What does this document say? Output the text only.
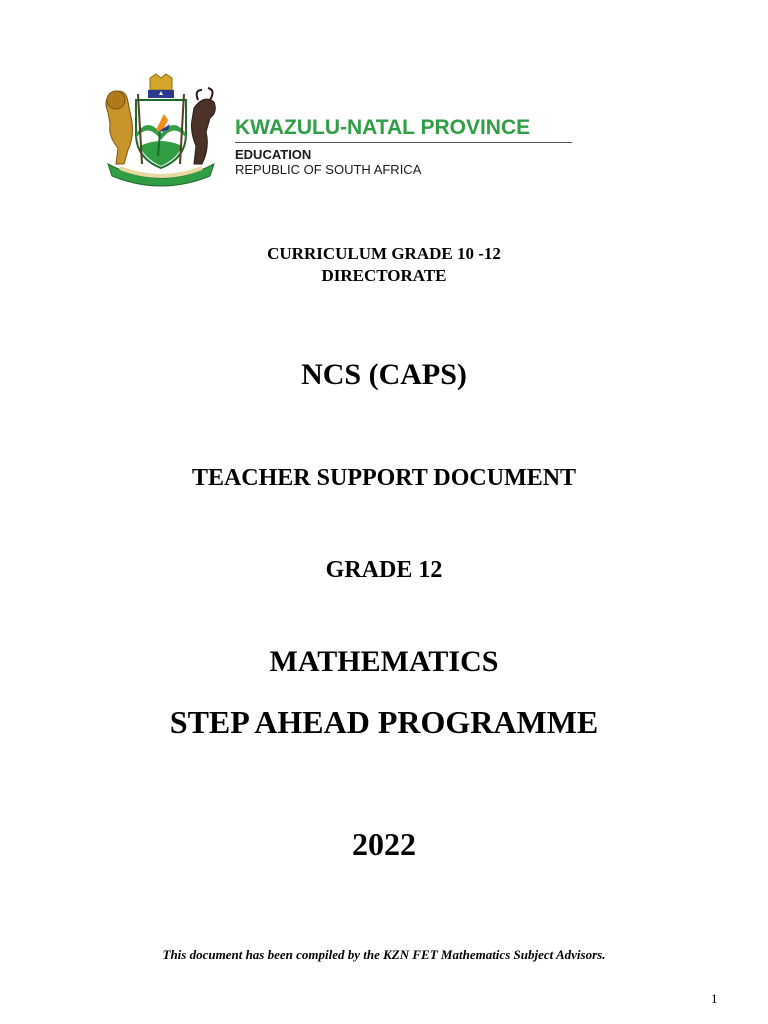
KWAZULU-NATAL PROVINCE
EDUCATION
REPUBLIC OF SOUTH AFRICA
CURRICULUM GRADE 10 -12
DIRECTORATE
NCS (CAPS)
TEACHER SUPPORT DOCUMENT
GRADE 12
MATHEMATICS
STEP AHEAD PROGRAMME
2022
This document has been compiled by the KZN FET Mathematics Subject Advisors.
1
